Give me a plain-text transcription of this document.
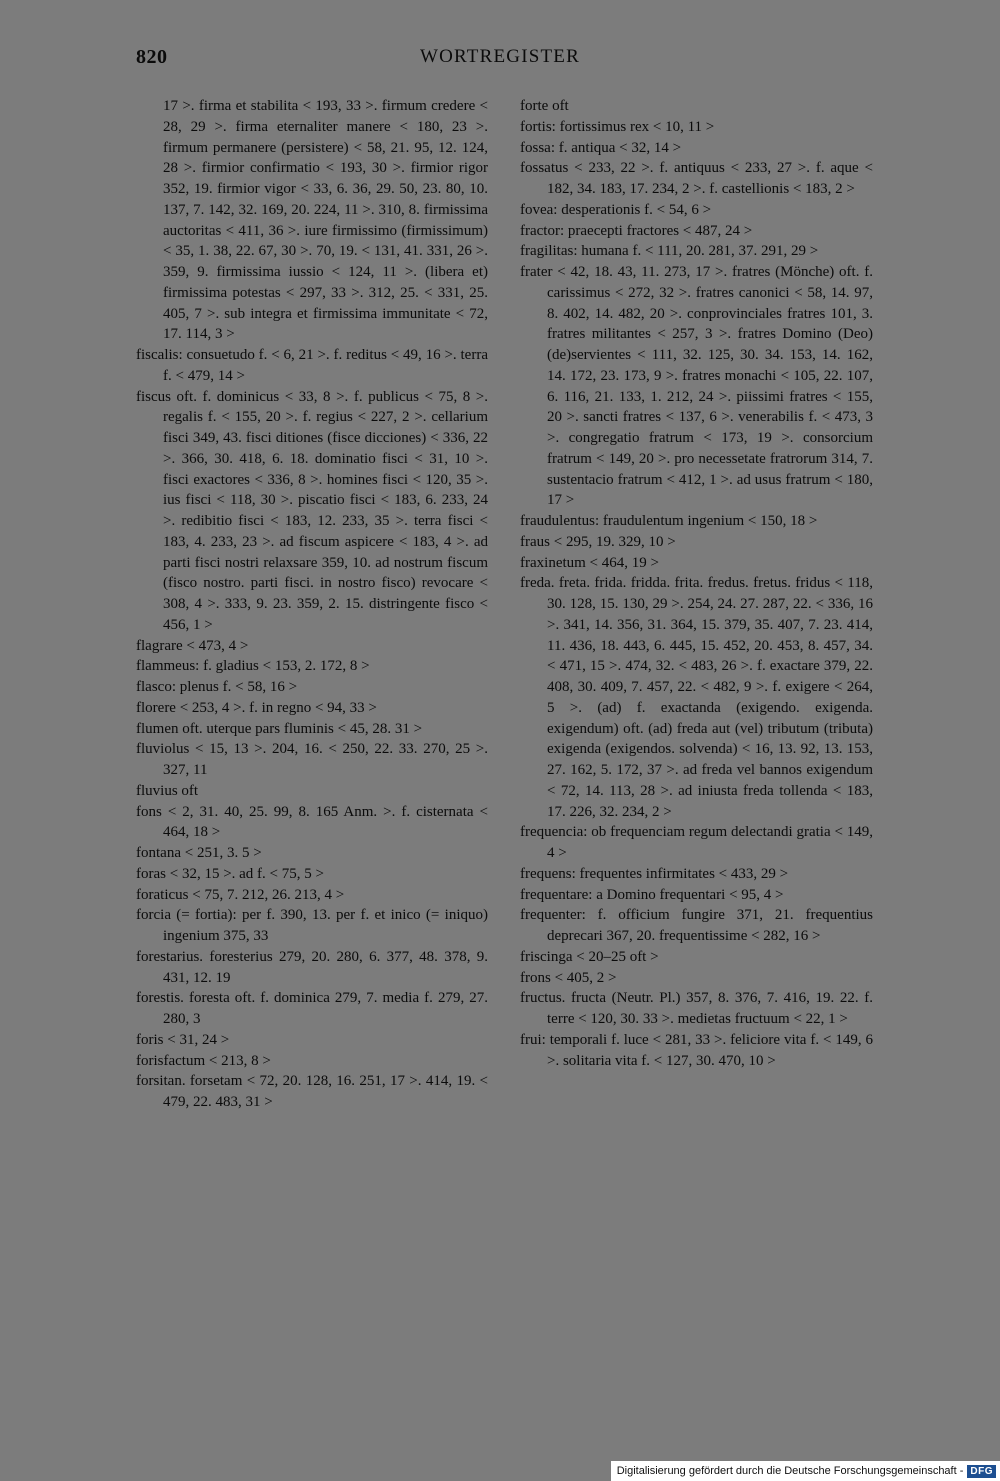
820	WORTREGISTER

17 >. firma et stabilita < 193, 33 >. firmum credere < 28, 29 >. firma eternaliter manere < 180, 23 >. firmum permanere (persistere) < 58, 21. 95, 12. 124, 28 >. firmior confirmatio < 193, 30 >. firmior rigor 352, 19. firmior vigor < 33, 6. 36, 29. 50, 23. 80, 10. 137, 7. 142, 32. 169, 20. 224, 11 >. 310, 8. firmissima auctoritas < 411, 36 >. iure firmissimo (firmissimum) < 35, 1. 38, 22. 67, 30 >. 70, 19. < 131, 41. 331, 26 >. 359, 9. firmissima iussio < 124, 11 >. (libera et) firmissima potestas < 297, 33 >. 312, 25. < 331, 25. 405, 7 >. sub integra et firmissima immunitate < 72, 17. 114, 3 >

fiscalis: consuetudo f. < 6, 21 >. f. reditus < 49, 16 >. terra f. < 479, 14 >

fiscus oft. f. dominicus < 33, 8 >. f. publicus < 75, 8 >. regalis f. < 155, 20 >. f. regius < 227, 2 >. cellarium fisci 349, 43. fisci ditiones (fisce dicciones) < 336, 22 >. 366, 30. 418, 6. 18. dominatio fisci < 31, 10 >. fisci exactores < 336, 8 >. homines fisci < 120, 35 >. ius fisci < 118, 30 >. piscatio fisci < 183, 6. 233, 24 >. redibitio fisci < 183, 12. 233, 35 >. terra fisci < 183, 4. 233, 23 >. ad fiscum aspicere < 183, 4 >. ad parti fisci nostri relaxsare 359, 10. ad nostrum fiscum (fisco nostro. parti fisci. in nostro fisco) revocare < 308, 4 >. 333, 9. 23. 359, 2. 15. distringente fisco < 456, 1 >

flagrare < 473, 4 >

flammeus: f. gladius < 153, 2. 172, 8 >

flasco: plenus f. < 58, 16 >

florere < 253, 4 >. f. in regno < 94, 33 >

flumen oft. uterque pars fluminis < 45, 28. 31 >

fluviolus < 15, 13 >. 204, 16. < 250, 22. 33. 270, 25 >. 327, 11

fluvius oft

fons < 2, 31. 40, 25. 99, 8. 165 Anm. >. f. cisternata < 464, 18 >

fontana < 251, 3. 5 >

foras < 32, 15 >. ad f. < 75, 5 >

foraticus < 75, 7. 212, 26. 213, 4 >

forcia (= fortia): per f. 390, 13. per f. et inico (= iniquo) ingenium 375, 33

forestarius. foresterius 279, 20. 280, 6. 377, 48. 378, 9. 431, 12. 19

forestis. foresta oft. f. dominica 279, 7. media f. 279, 27. 280, 3

foris < 31, 24 >

forisfactum < 213, 8 >

forsitan. forsetam < 72, 20. 128, 16. 251, 17 >. 414, 19. < 479, 22. 483, 31 >

forte oft

fortis: fortissimus rex < 10, 11 >

fossa: f. antiqua < 32, 14 >

fossatus < 233, 22 >. f. antiquus < 233, 27 >. f. aque < 182, 34. 183, 17. 234, 2 >. f. castellionis < 183, 2 >

fovea: desperationis f. < 54, 6 >

fractor: praecepti fractores < 487, 24 >

fragilitas: humana f. < 111, 20. 281, 37. 291, 29 >

frater < 42, 18. 43, 11. 273, 17 >. fratres (Mönche) oft. f. carissimus < 272, 32 >. fratres canonici < 58, 14. 97, 8. 402, 14. 482, 20 >. conprovinciales fratres 101, 3. fratres militantes < 257, 3 >. fratres Domino (Deo) (de)servientes < 111, 32. 125, 30. 34. 153, 14. 162, 14. 172, 23. 173, 9 >. fratres monachi < 105, 22. 107, 6. 116, 21. 133, 1. 212, 24 >. piissimi fratres < 155, 20 >. sancti fratres < 137, 6 >. venerabilis f. < 473, 3 >. congregatio fratrum < 173, 19 >. consorcium fratrum < 149, 20 >. pro necessetate fratrorum 314, 7. sustentacio fratrum < 412, 1 >. ad usus fratrum < 180, 17 >

fraudulentus: fraudulentum ingenium < 150, 18 >

fraus < 295, 19. 329, 10 >

fraxinetum < 464, 19 >

freda. freta. frida. fridda. frita. fredus. fretus. fridus < 118, 30. 128, 15. 130, 29 >. 254, 24. 27. 287, 22. < 336, 16 >. 341, 14. 356, 31. 364, 15. 379, 35. 407, 7. 23. 414, 11. 436, 18. 443, 6. 445, 15. 452, 20. 453, 8. 457, 34. < 471, 15 >. 474, 32. < 483, 26 >. f. exactare 379, 22. 408, 30. 409, 7. 457, 22. < 482, 9 >. f. exigere < 264, 5 >. (ad) f. exactanda (exigendo. exigenda. exigendum) oft. (ad) freda aut (vel) tributum (tributa) exigenda (exigendos. solvenda) < 16, 13. 92, 13. 153, 27. 162, 5. 172, 37 >. ad freda vel bannos exigendum < 72, 14. 113, 28 >. ad iniusta freda tollenda < 183, 17. 226, 32. 234, 2 >

frequencia: ob frequenciam regum delectandi gratia < 149, 4 >

frequens: frequentes infirmitates < 433, 29 >

frequentare: a Domino frequentari < 95, 4 >

frequenter: f. officium fungire 371, 21. frequentius deprecari 367, 20. frequentissime < 282, 16 >

friscinga < 20–25 oft >

frons < 405, 2 >

fructus. fructa (Neutr. Pl.) 357, 8. 376, 7. 416, 19. 22. f. terre < 120, 30. 33 >. medietas fructuum < 22, 1 >

frui: temporali f. luce < 281, 33 >. feliciore vita f. < 149, 6 >. solitaria vita f. < 127, 30. 470, 10 >

Digitalisierung gefördert durch die Deutsche Forschungsgemeinschaft - DFG
